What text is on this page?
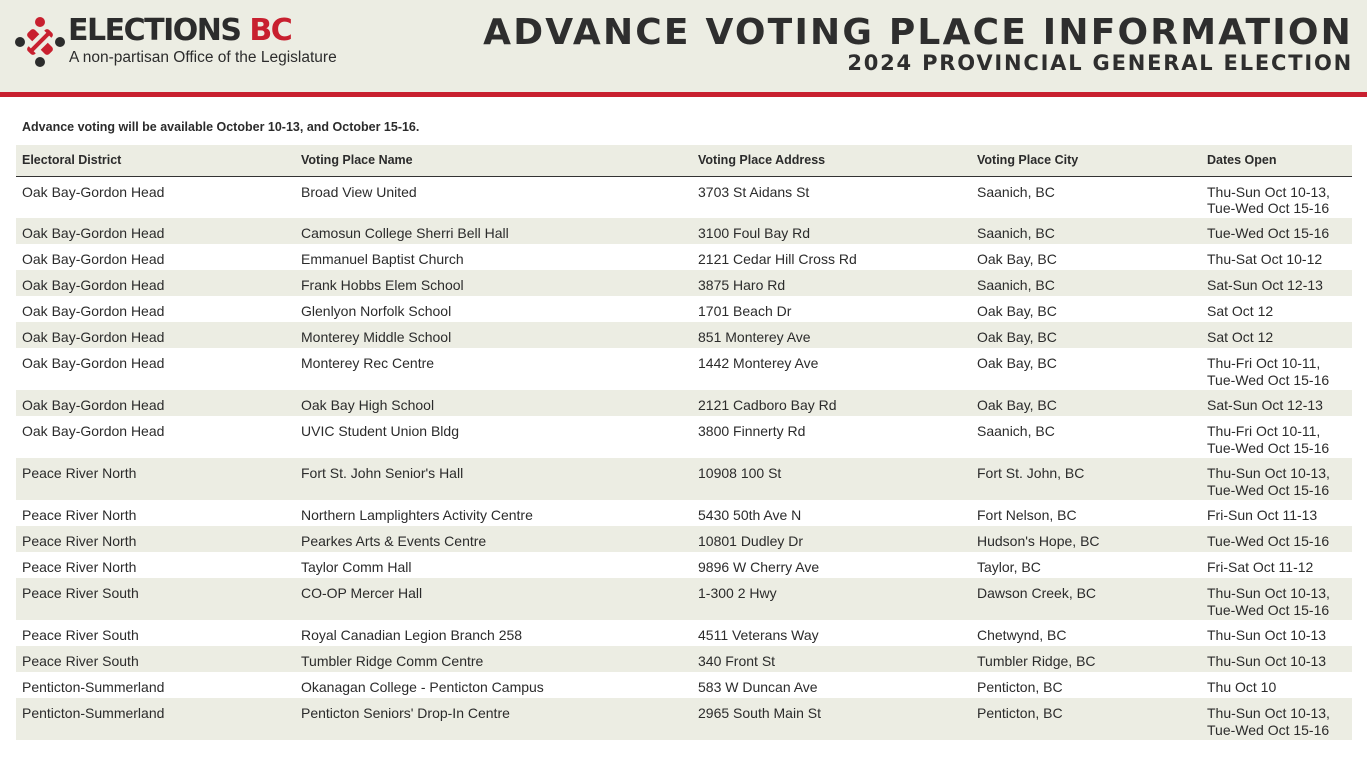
ELECTIONS BC
A non-partisan Office of the Legislature
ADVANCE VOTING PLACE INFORMATION
2024 PROVINCIAL GENERAL ELECTION
Advance voting will be available October 10-13, and October 15-16.
Electoral District	Voting Place Name	Voting Place Address	Voting Place City	Dates Open
Oak Bay-Gordon Head	Broad View United	3703 St Aidans St	Saanich, BC	Thu-Sun Oct 10-13,
Tue-Wed Oct 15-16
Oak Bay-Gordon Head	Camosun College Sherri Bell Hall	3100 Foul Bay Rd	Saanich, BC	Tue-Wed Oct 15-16
Oak Bay-Gordon Head	Emmanuel Baptist Church	2121 Cedar Hill Cross Rd	Oak Bay, BC	Thu-Sat Oct 10-12
Oak Bay-Gordon Head	Frank Hobbs Elem School	3875 Haro Rd	Saanich, BC	Sat-Sun Oct 12-13
Oak Bay-Gordon Head	Glenlyon Norfolk School	1701 Beach Dr	Oak Bay, BC	Sat Oct 12
Oak Bay-Gordon Head	Monterey Middle School	851 Monterey Ave	Oak Bay, BC	Sat Oct 12
Oak Bay-Gordon Head	Monterey Rec Centre	1442 Monterey Ave	Oak Bay, BC	Thu-Fri Oct 10-11,
Tue-Wed Oct 15-16
Oak Bay-Gordon Head	Oak Bay High School	2121 Cadboro Bay Rd	Oak Bay, BC	Sat-Sun Oct 12-13
Oak Bay-Gordon Head	UVIC Student Union Bldg	3800 Finnerty Rd	Saanich, BC	Thu-Fri Oct 10-11,
Tue-Wed Oct 15-16
Peace River North	Fort St. John Senior's Hall	10908 100 St	Fort St. John, BC	Thu-Sun Oct 10-13,
Tue-Wed Oct 15-16
Peace River North	Northern Lamplighters Activity Centre	5430 50th Ave N	Fort Nelson, BC	Fri-Sun Oct 11-13
Peace River North	Pearkes Arts & Events Centre	10801 Dudley Dr	Hudson's Hope, BC	Tue-Wed Oct 15-16
Peace River North	Taylor Comm Hall	9896 W Cherry Ave	Taylor, BC	Fri-Sat Oct 11-12
Peace River South	CO-OP Mercer Hall	1-300 2 Hwy	Dawson Creek, BC	Thu-Sun Oct 10-13,
Tue-Wed Oct 15-16
Peace River South	Royal Canadian Legion Branch 258	4511 Veterans Way	Chetwynd, BC	Thu-Sun Oct 10-13
Peace River South	Tumbler Ridge Comm Centre	340 Front St	Tumbler Ridge, BC	Thu-Sun Oct 10-13
Penticton-Summerland	Okanagan College - Penticton Campus	583 W Duncan Ave	Penticton, BC	Thu Oct 10
Penticton-Summerland	Penticton Seniors' Drop-In Centre	2965 South Main St	Penticton, BC	Thu-Sun Oct 10-13,
Tue-Wed Oct 15-16
